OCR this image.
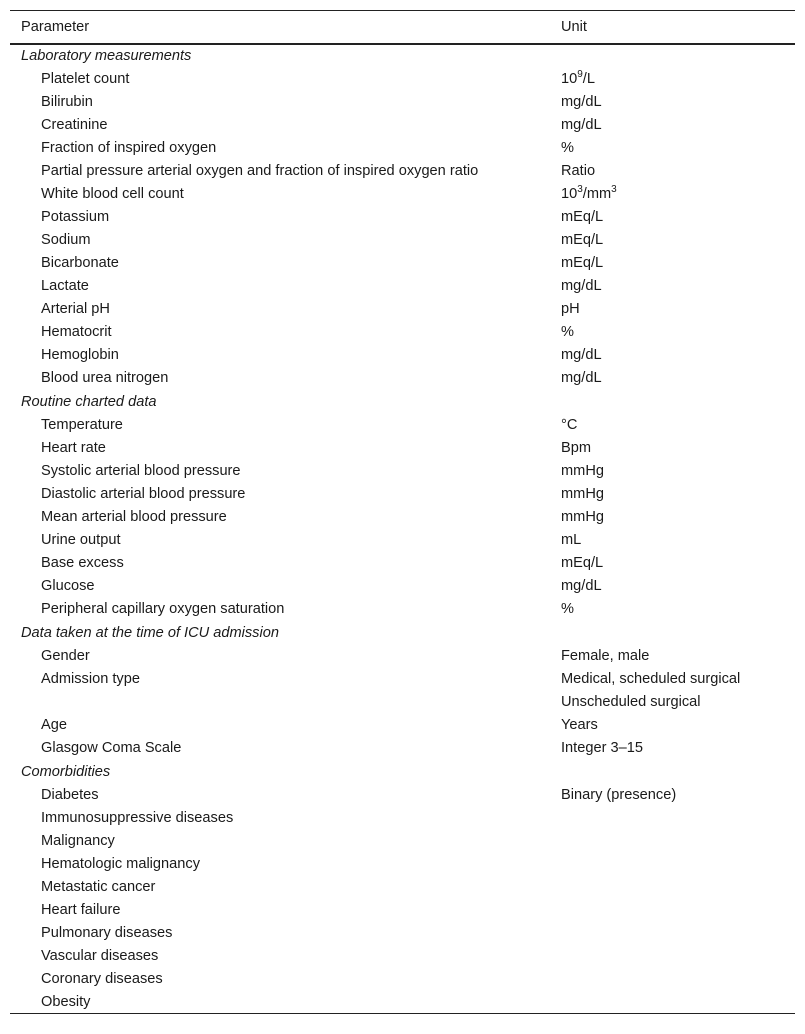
Parameter	Unit
Laboratory measurements	
Platelet count	$10^9/L$
Bilirubin	mg/dL
Creatinine	mg/dL
Fraction of inspired oxygen	%
Partial pressure arterial oxygen and fraction of inspired oxygen ratio	Ratio
White blood cell count	$10^3/mm^3$
Potassium	mEq/L
Sodium	mEq/L
Bicarbonate	mEq/L
Lactate	mg/dL
Arterial pH	pH
Hematocrit	%
Hemoglobin	mg/dL
Blood urea nitrogen	mg/dL
Routine charted data	
Temperature	°C
Heart rate	Bpm
Systolic arterial blood pressure	mmHg
Diastolic arterial blood pressure	mmHg
Mean arterial blood pressure	mmHg
Urine output	mL
Base excess	mEq/L
Glucose	mg/dL
Peripheral capillary oxygen saturation	%
Data taken at the time of ICU admission	
Gender	Female, male
Admission type	Medical, scheduled surgical
	Unscheduled surgical
Age	Years
Glasgow Coma Scale	Integer 3–15
Comorbidities	
Diabetes	Binary (presence)
Immunosuppressive diseases	
Malignancy	
Hematologic malignancy	
Metastatic cancer	
Heart failure	
Pulmonary diseases	
Vascular diseases	
Coronary diseases	
Obesity	
